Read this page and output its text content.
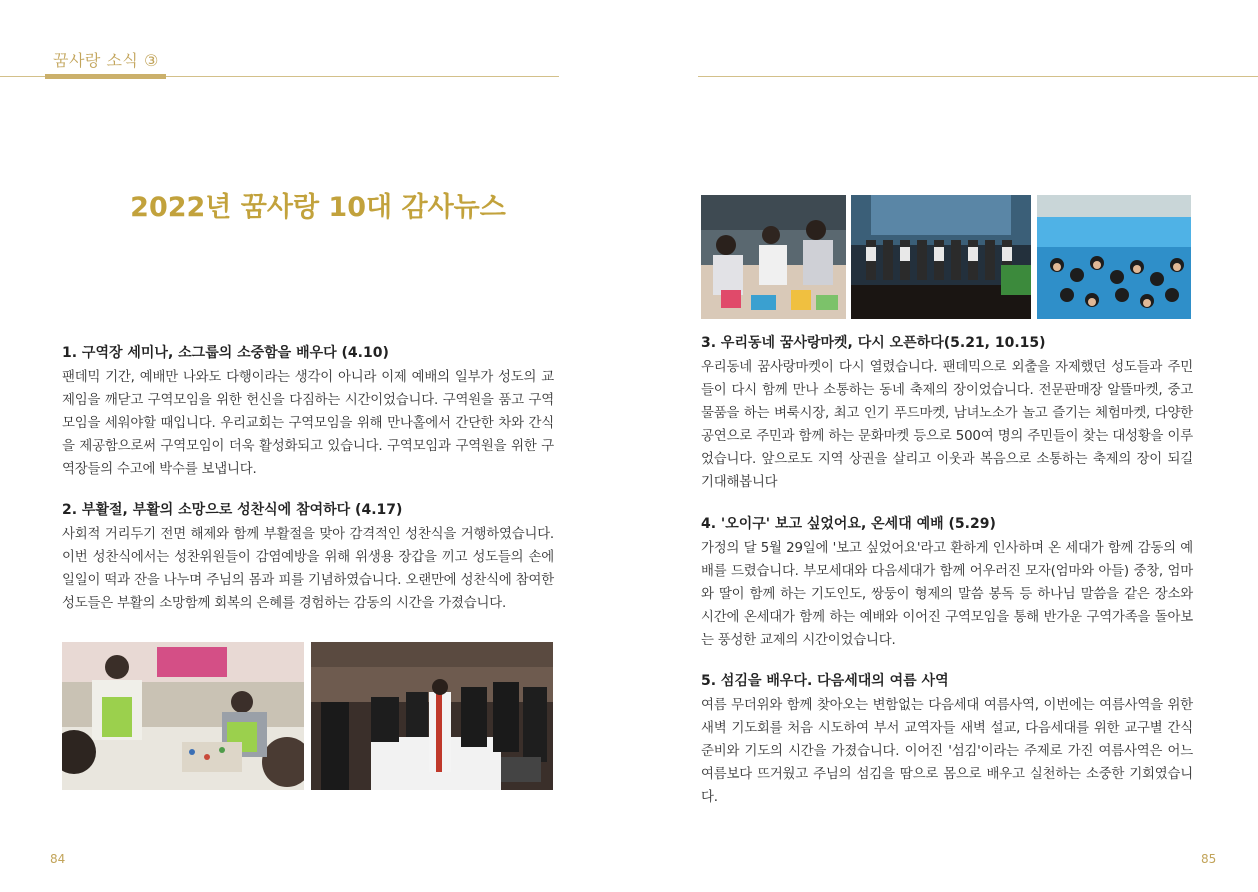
꿈사랑 소식 ③
2022년 꿈사랑 10대 감사뉴스
1. 구역장 세미나, 소그룹의 소중함을 배우다 (4.10)

팬데믹 기간, 예배만 나와도 다행이라는 생각이 아니라 이제 예배의 일부가 성도의 교제임을 깨닫고 구역모임을 위한 헌신을 다짐하는 시간이었습니다. 구역원을 품고 구역모임을 세워야할 때입니다. 우리교회는 구역모임을 위해 만나홀에서 간단한 차와 간식을 제공함으로써 구역모임이 더욱 활성화되고 있습니다. 구역모임과 구역원을 위한 구역장들의 수고에 박수를 보냅니다.

2. 부활절, 부활의 소망으로 성찬식에 참여하다 (4.17)

사회적 거리두기 전면 해제와 함께 부활절을 맞아 감격적인 성찬식을 거행하였습니다. 이번 성찬식에서는 성찬위원들이 감염예방을 위해 위생용 장갑을 끼고 성도들의 손에 일일이 떡과 잔을 나누며 주님의 몸과 피를 기념하였습니다. 오랜만에 성찬식에 참여한 성도들은 부활의 소망함께 회복의 은혜를 경험하는 감동의 시간을 가졌습니다.

3. 우리동네 꿈사랑마켓, 다시 오픈하다(5.21, 10.15)

우리동네 꿈사랑마켓이 다시 열렸습니다. 팬데믹으로 외출을 자제했던 성도들과 주민들이 다시 함께 만나 소통하는 동네 축제의 장이었습니다. 전문판매장 알뜰마켓, 중고물품을 하는 벼룩시장, 최고 인기 푸드마켓, 남녀노소가 놀고 즐기는 체험마켓, 다양한 공연으로 주민과 함께 하는 문화마켓 등으로 500여 명의 주민들이 찾는 대성황을 이루었습니다. 앞으로도 지역 상권을 살리고 이웃과 복음으로 소통하는 축제의 장이 되길 기대해봅니다

4. '오이구' 보고 싶었어요, 온세대 예배 (5.29)

가정의 달 5월 29일에 '보고 싶었어요'라고 환하게 인사하며 온 세대가 함께 감동의 예배를 드렸습니다. 부모세대와 다음세대가 함께 어우러진 모자(엄마와 아들) 중창, 엄마와 딸이 함께 하는 기도인도, 쌍둥이 형제의 말씀 봉독 등 하나님 말씀을 같은 장소와 시간에 온세대가 함께 하는 예배와 이어진 구역모임을 통해 반가운 구역가족을 돌아보는 풍성한 교제의 시간이었습니다.

5. 섬김을 배우다. 다음세대의 여름 사역

여름 무더위와 함께 찾아오는 변함없는 다음세대 여름사역, 이번에는 여름사역을 위한 새벽 기도회를 처음 시도하여 부서 교역자들 새벽 설교, 다음세대를 위한 교구별 간식 준비와 기도의 시간을 가졌습니다. 이어진 '섬김'이라는 주제로 가진 여름사역은 어느 여름보다 뜨거웠고 주님의 섬김을 땀으로 몸으로 배우고 실천하는 소중한 기회였습니다.

84	85
